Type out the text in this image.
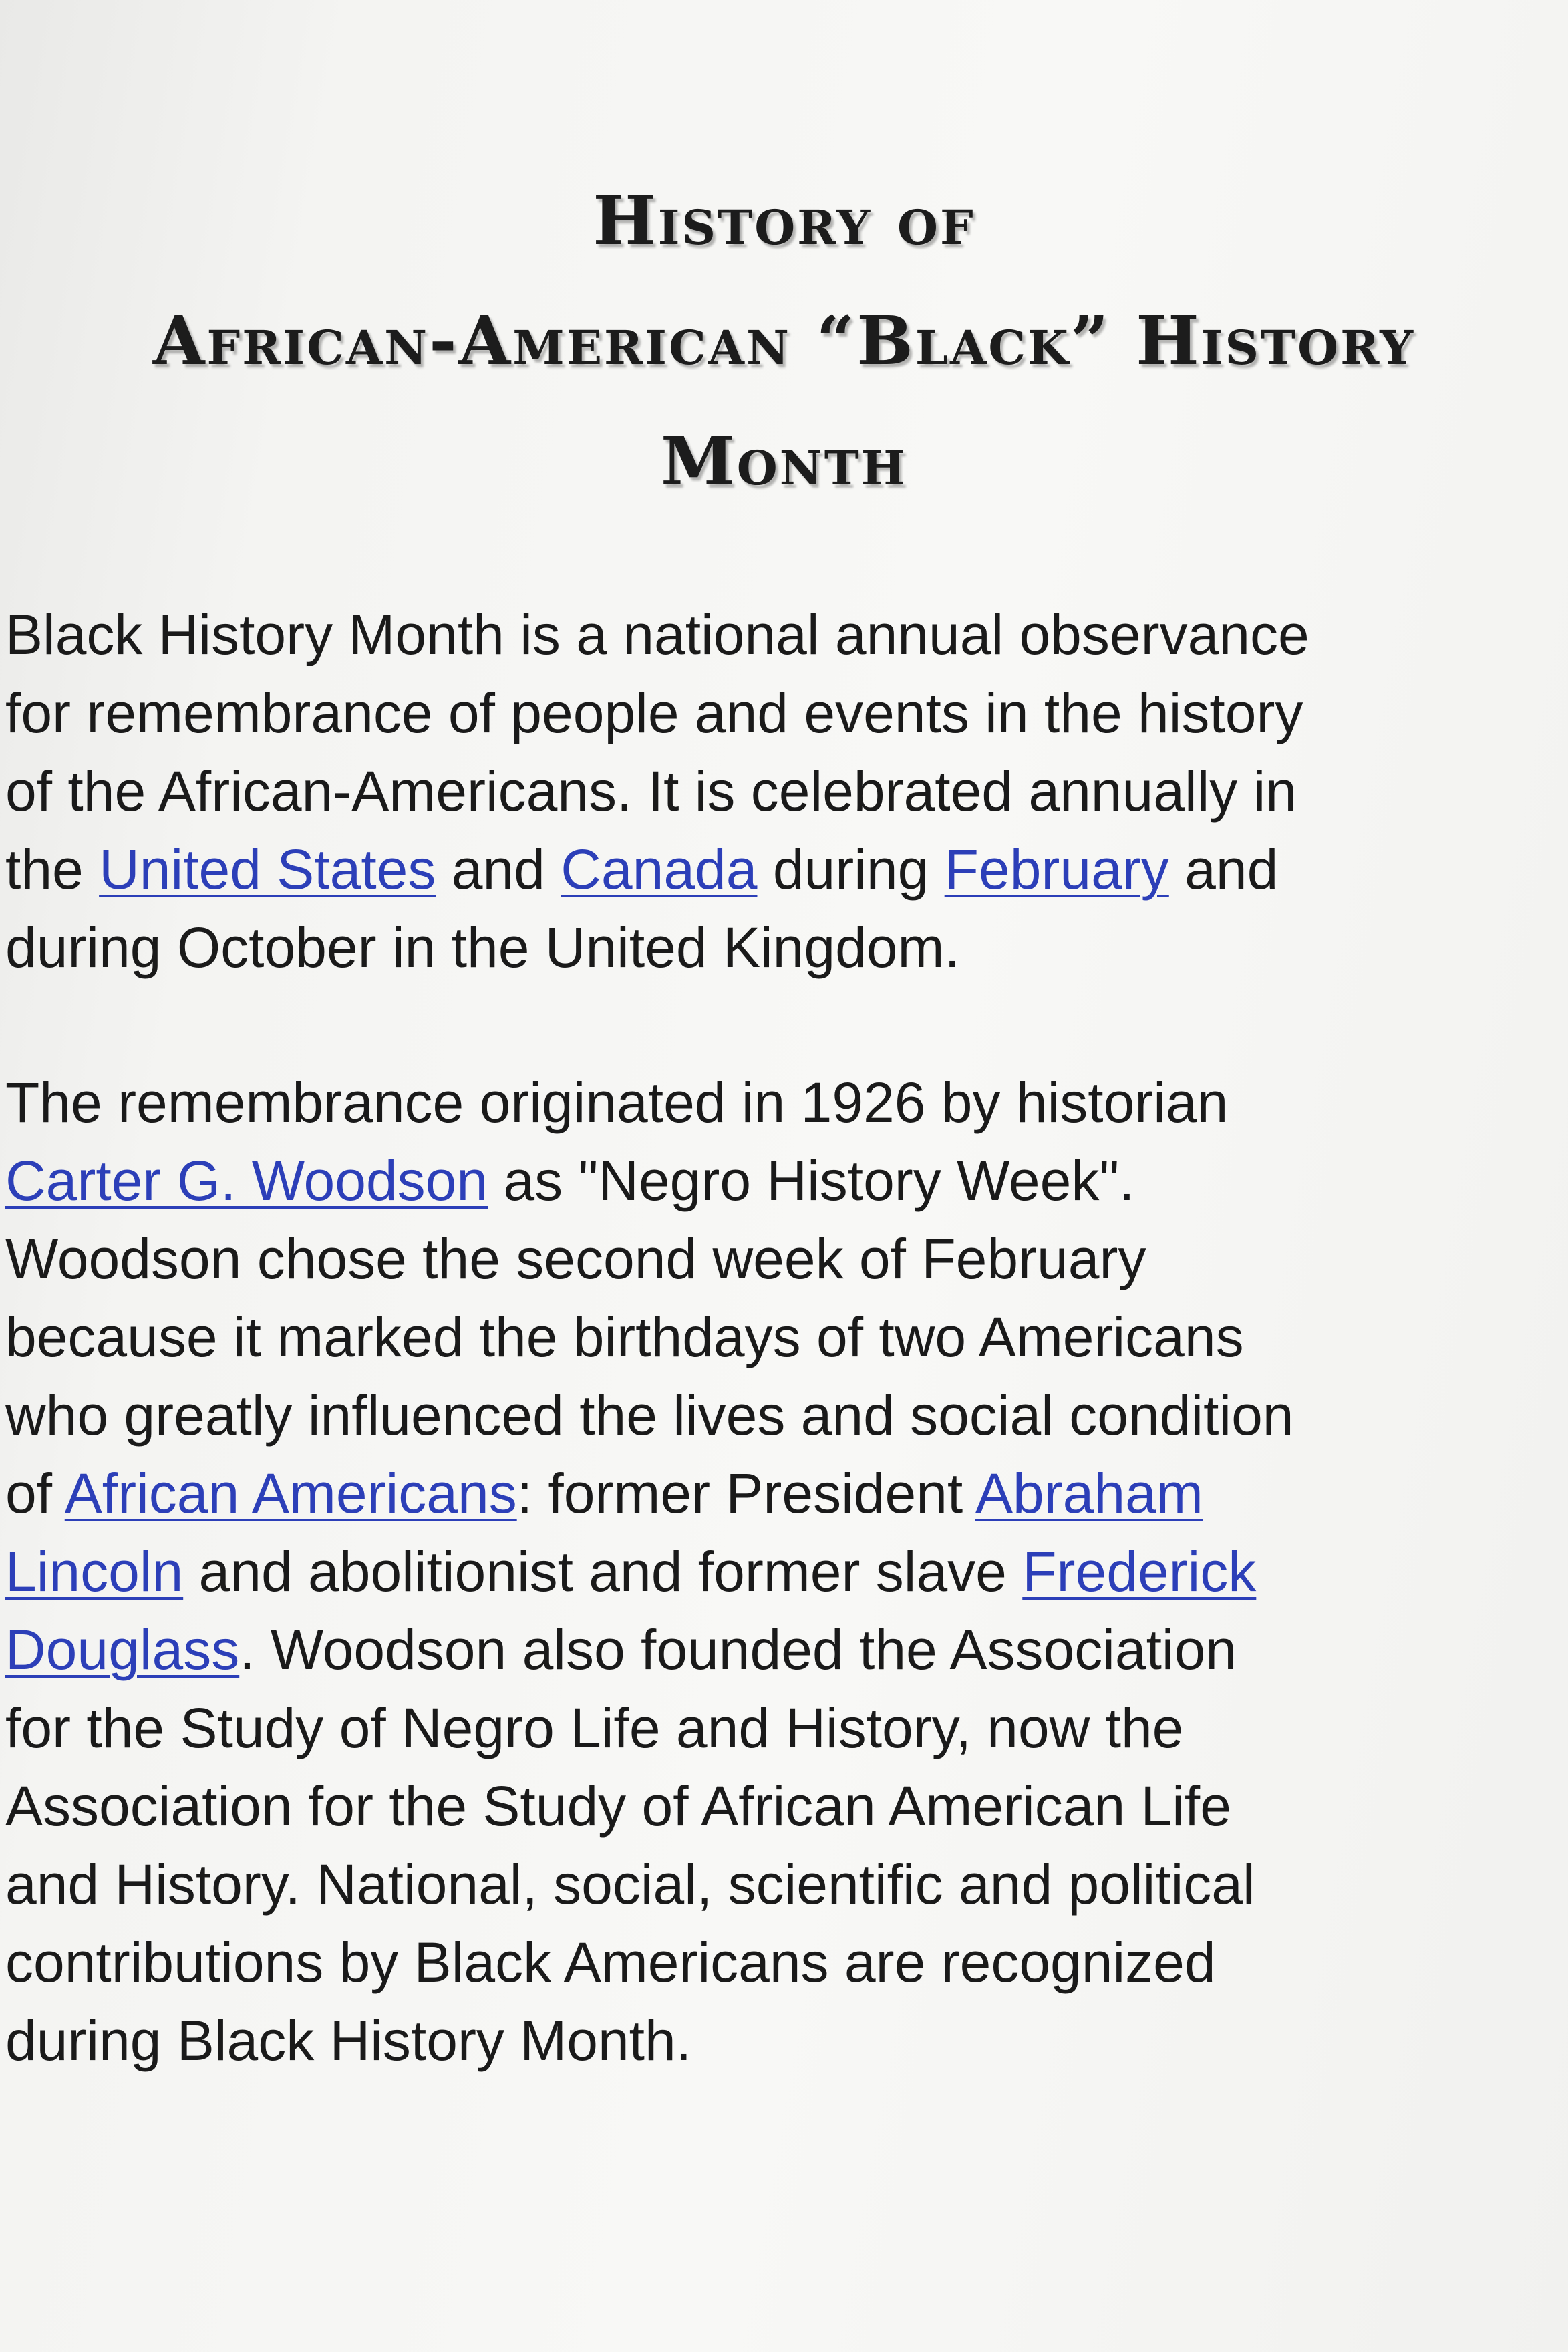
History of
African-American “Black” History
Month
Black History Month is a national annual observance
for remembrance of people and events in the history
of the African-Americans. It is celebrated annually in
the United States and Canada during February and
during October in the United Kingdom.
The remembrance originated in 1926 by historian
Carter G. Woodson as "Negro History Week".
Woodson chose the second week of February
because it marked the birthdays of two Americans
who greatly influenced the lives and social condition
of African Americans: former President Abraham
Lincoln and abolitionist and former slave Frederick
Douglass. Woodson also founded the Association
for the Study of Negro Life and History, now the
Association for the Study of African American Life
and History. National, social, scientific and political
contributions by Black Americans are recognized
during Black History Month.
